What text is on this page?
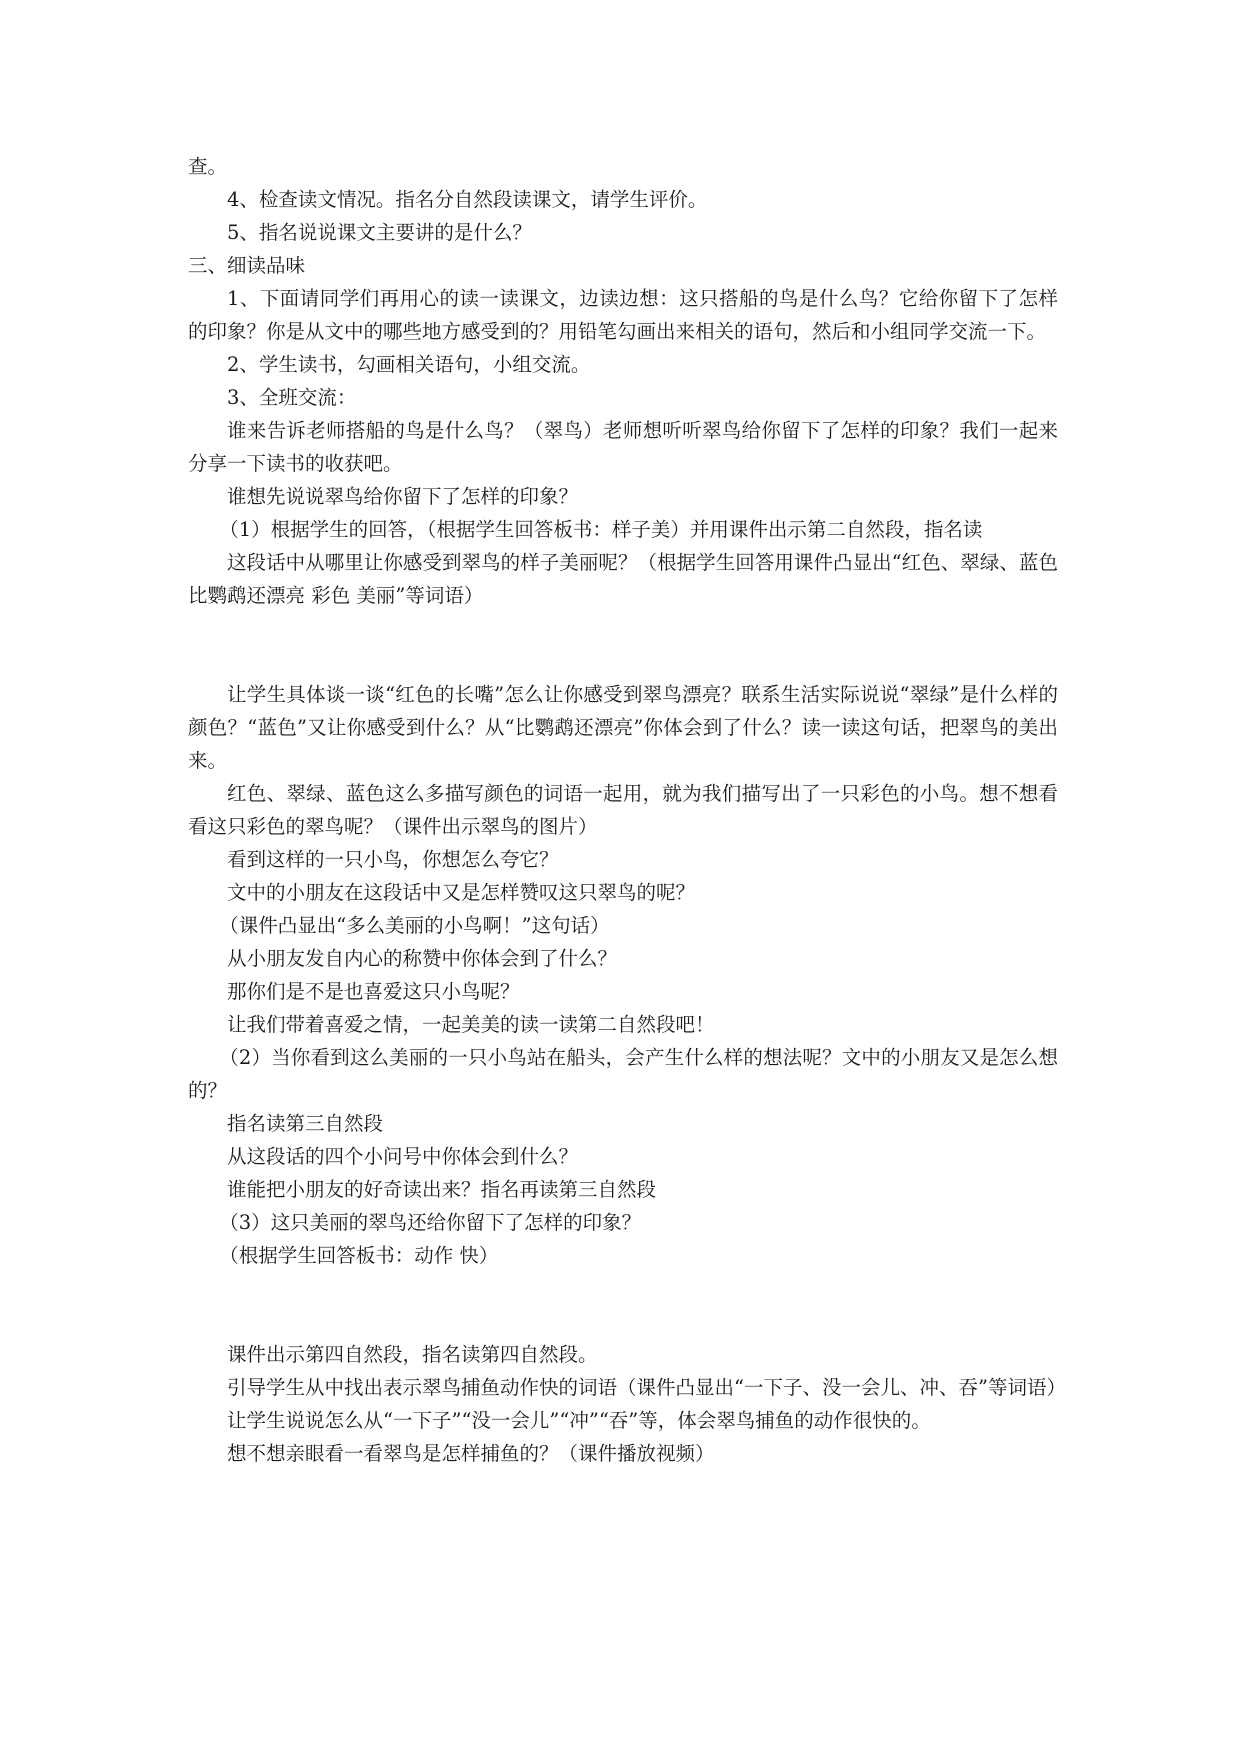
查。

4、检查读文情况。指名分自然段读课文，请学生评价。

5、指名说说课文主要讲的是什么？

三、细读品味

1、下面请同学们再用心的读一读课文，边读边想：这只搭船的鸟是什么鸟？它给你留下了怎样的印象？你是从文中的哪些地方感受到的？用铅笔勾画出来相关的语句，然后和小组同学交流一下。

2、学生读书，勾画相关语句，小组交流。

3、全班交流：

谁来告诉老师搭船的鸟是什么鸟？（翠鸟）老师想听听翠鸟给你留下了怎样的印象？我们一起来分享一下读书的收获吧。

谁想先说说翠鸟给你留下了怎样的印象？

（1）根据学生的回答，（根据学生回答板书：样子美）并用课件出示第二自然段，指名读

这段话中从哪里让你感受到翠鸟的样子美丽呢？（根据学生回答用课件凸显出“红色、翠绿、蓝色比鹦鹉还漂亮 彩色 美丽”等词语）

让学生具体谈一谈“红色的长嘴”怎么让你感受到翠鸟漂亮？联系生活实际说说“翠绿”是什么样的颜色？“蓝色”又让你感受到什么？从“比鹦鹉还漂亮”你体会到了什么？读一读这句话，把翠鸟的美出来。

红色、翠绿、蓝色这么多描写颜色的词语一起用，就为我们描写出了一只彩色的小鸟。想不想看看这只彩色的翠鸟呢？（课件出示翠鸟的图片）

看到这样的一只小鸟，你想怎么夸它？

文中的小朋友在这段话中又是怎样赞叹这只翠鸟的呢？

（课件凸显出“多么美丽的小鸟啊！”这句话）

从小朋友发自内心的称赞中你体会到了什么？

那你们是不是也喜爱这只小鸟呢？

让我们带着喜爱之情，一起美美的读一读第二自然段吧！

（2）当你看到这么美丽的一只小鸟站在船头，会产生什么样的想法呢？文中的小朋友又是怎么想的？

指名读第三自然段

从这段话的四个小问号中你体会到什么？

谁能把小朋友的好奇读出来？指名再读第三自然段

（3）这只美丽的翠鸟还给你留下了怎样的印象？

（根据学生回答板书：动作 快）

课件出示第四自然段，指名读第四自然段。

引导学生从中找出表示翠鸟捕鱼动作快的词语（课件凸显出“一下子、没一会儿、冲、吞”等词语）

让学生说说怎么从“一下子”“没一会儿”“冲”“吞”等，体会翠鸟捕鱼的动作很快的。

想不想亲眼看一看翠鸟是怎样捕鱼的？（课件播放视频）
